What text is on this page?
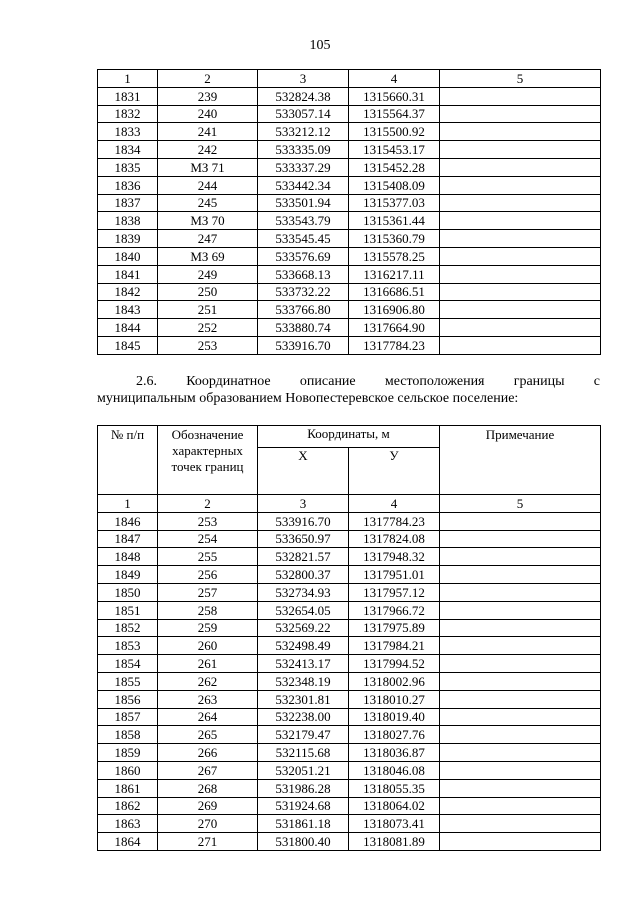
105
1	2	3	4	5
1831	239	532824.38	1315660.31	
1832	240	533057.14	1315564.37	
1833	241	533212.12	1315500.92	
1834	242	533335.09	1315453.17	
1835	МЗ 71	533337.29	1315452.28	
1836	244	533442.34	1315408.09	
1837	245	533501.94	1315377.03	
1838	МЗ 70	533543.79	1315361.44	
1839	247	533545.45	1315360.79	
1840	МЗ 69	533576.69	1315578.25	
1841	249	533668.13	1316217.11	
1842	250	533732.22	1316686.51	
1843	251	533766.80	1316906.80	
1844	252	533880.74	1317664.90	
1845	253	533916.70	1317784.23	
2.6. Координатное описание местоположения границы с
муниципальным образованием Новопестеревское сельское поселение:
№ п/п	Обозначение характерных точек границ	Координаты, м		Примечание
		X	У	
1	2	3	4	5
1846	253	533916.70	1317784.23	
1847	254	533650.97	1317824.08	
1848	255	532821.57	1317948.32	
1849	256	532800.37	1317951.01	
1850	257	532734.93	1317957.12	
1851	258	532654.05	1317966.72	
1852	259	532569.22	1317975.89	
1853	260	532498.49	1317984.21	
1854	261	532413.17	1317994.52	
1855	262	532348.19	1318002.96	
1856	263	532301.81	1318010.27	
1857	264	532238.00	1318019.40	
1858	265	532179.47	1318027.76	
1859	266	532115.68	1318036.87	
1860	267	532051.21	1318046.08	
1861	268	531986.28	1318055.35	
1862	269	531924.68	1318064.02	
1863	270	531861.18	1318073.41	
1864	271	531800.40	1318081.89	
